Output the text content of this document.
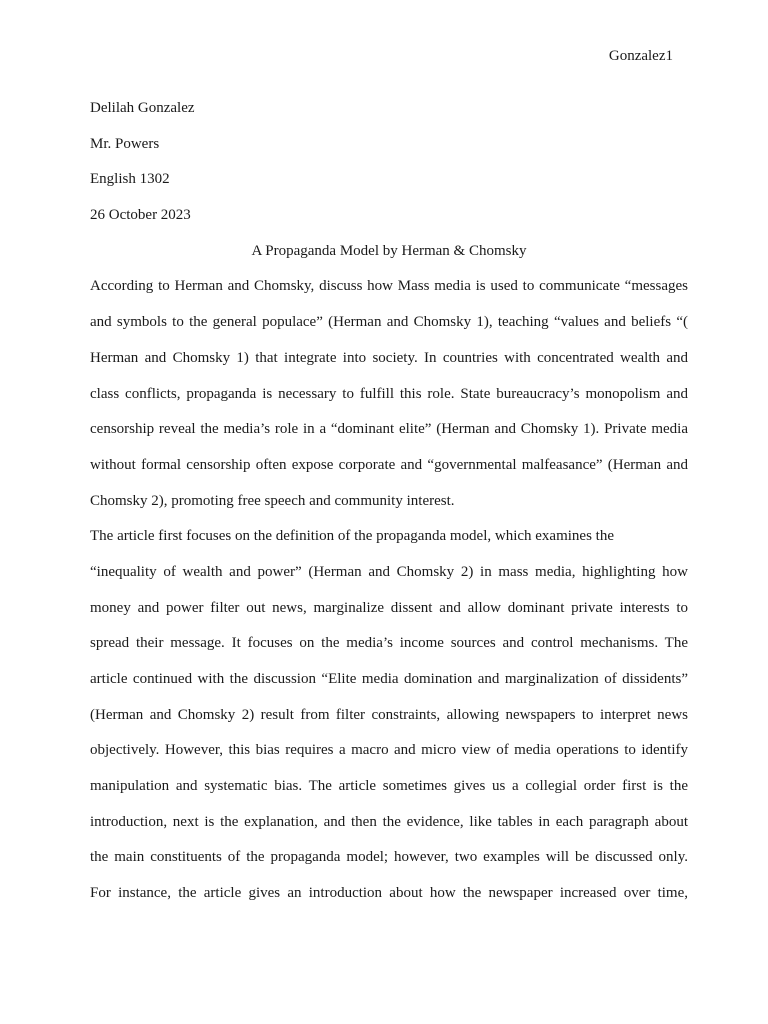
Gonzalez1
Delilah Gonzalez
Mr. Powers
English 1302
26 October 2023
A Propaganda Model by Herman & Chomsky
According to Herman and Chomsky, discuss how Mass media is used to communicate “messages
and symbols to the general populace” (Herman and Chomsky 1), teaching “values and beliefs “(
Herman and Chomsky 1) that integrate into society. In countries with concentrated wealth and
class conflicts, propaganda is necessary to fulfill this role. State bureaucracy’s monopolism and
censorship reveal the media’s role in a “dominant elite” (Herman and Chomsky 1). Private media
without formal censorship often expose corporate and “governmental malfeasance” (Herman and
Chomsky 2), promoting free speech and community interest.
The article first focuses on the definition of the propaganda model, which examines the
“inequality of wealth and power” (Herman and Chomsky 2) in mass media, highlighting how
money and power filter out news, marginalize dissent and allow dominant private interests to
spread their message. It focuses on the media’s income sources and control mechanisms. The
article continued with the discussion “Elite media domination and marginalization of dissidents”
(Herman and Chomsky 2) result from filter constraints, allowing newspapers to interpret news
objectively. However, this bias requires a macro and micro view of media operations to identify
manipulation and systematic bias. The article sometimes gives us a collegial order first is the
introduction, next is the explanation, and then the evidence, like tables in each paragraph about
the main constituents of the propaganda model; however, two examples will be discussed only.
For instance, the article gives an introduction about how the newspaper increased over time,
